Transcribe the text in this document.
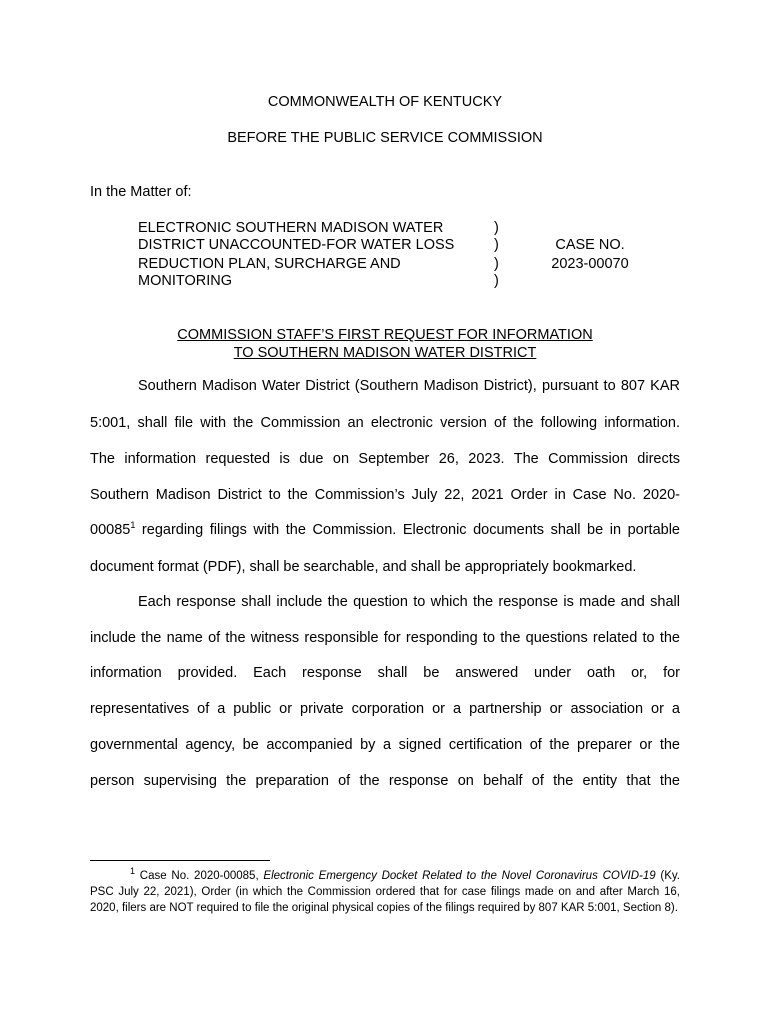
COMMONWEALTH OF KENTUCKY
BEFORE THE PUBLIC SERVICE COMMISSION
In the Matter of:
ELECTRONIC SOUTHERN MADISON WATER
DISTRICT UNACCOUNTED-FOR WATER LOSS
REDUCTION PLAN, SURCHARGE AND
MONITORING
)
)
)
)
CASE NO.
2023-00070
COMMISSION STAFF’S FIRST REQUEST FOR INFORMATION
TO SOUTHERN MADISON WATER DISTRICT
Southern Madison Water District (Southern Madison District), pursuant to 807 KAR
5:001, shall file with the Commission an electronic version of the following information.
The information requested is due on September 26, 2023. The Commission directs
Southern Madison District to the Commission’s July 22, 2021 Order in Case No. 2020-
00085$^1$ regarding filings with the Commission. Electronic documents shall be in portable
document format (PDF), shall be searchable, and shall be appropriately bookmarked.
Each response shall include the question to which the response is made and shall
include the name of the witness responsible for responding to the questions related to the
information provided. Each response shall be answered under oath or, for
representatives of a public or private corporation or a partnership or association or a
governmental agency, be accompanied by a signed certification of the preparer or the
person supervising the preparation of the response on behalf of the entity that the
$^1$ Case No. 2020-00085, Electronic Emergency Docket Related to the Novel Coronavirus COVID-19 (Ky. PSC July 22, 2021), Order (in which the Commission ordered that for case filings made on and after March 16, 2020, filers are NOT required to file the original physical copies of the filings required by 807 KAR 5:001, Section 8).
